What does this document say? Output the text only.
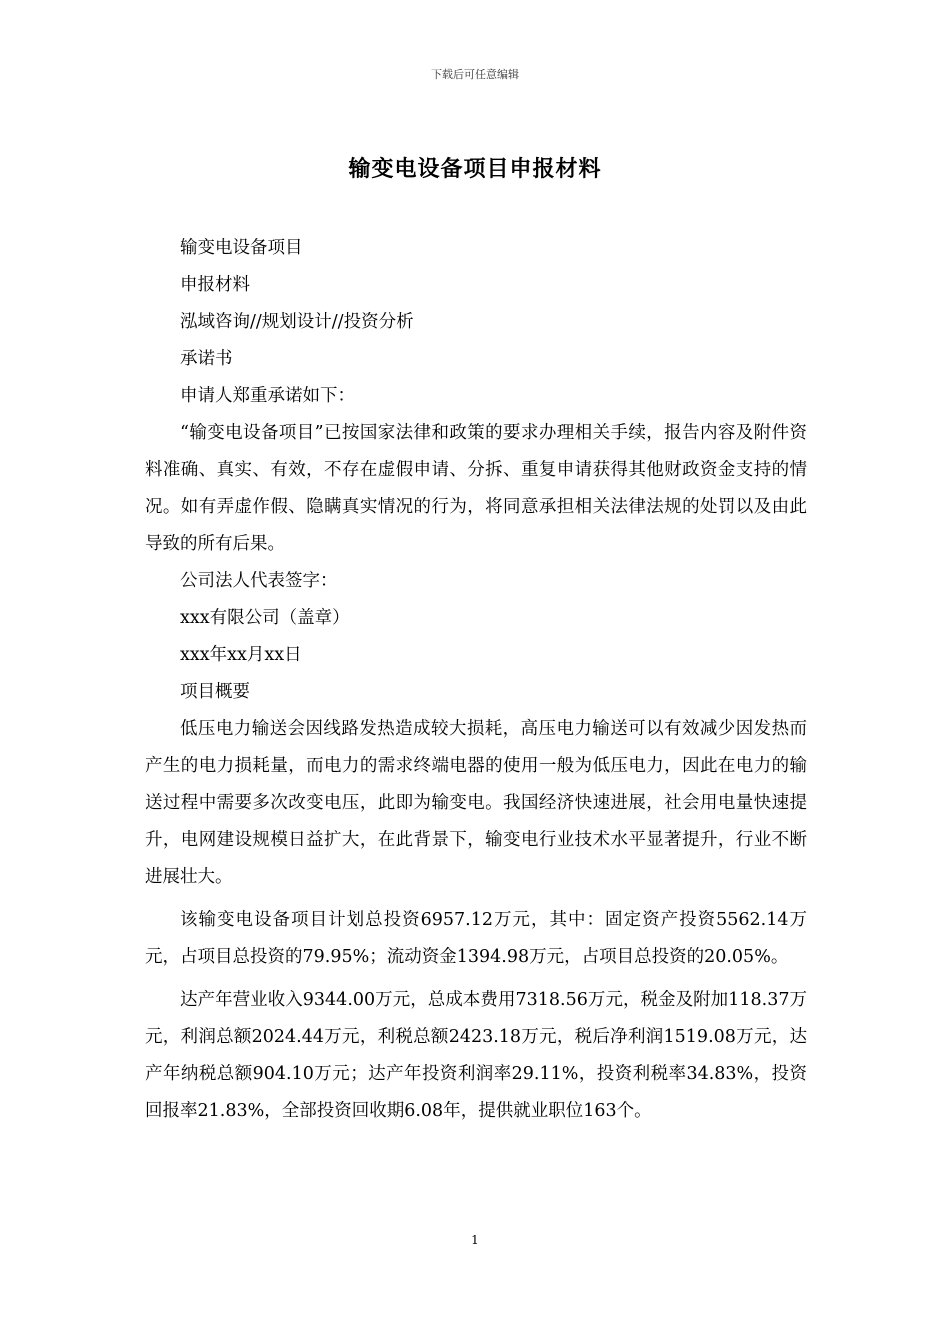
下载后可任意编辑
输变电设备项目申报材料

输变电设备项目

申报材料

泓域咨询//规划设计//投资分析

承诺书

申请人郑重承诺如下：

“输变电设备项目”已按国家法律和政策的要求办理相关手续，报告内容及附件资料准确、真实、有效，不存在虚假申请、分拆、重复申请获得其他财政资金支持的情况。如有弄虚作假、隐瞒真实情况的行为，将同意承担相关法律法规的处罚以及由此导致的所有后果。

公司法人代表签字：

xxx有限公司（盖章）

xxx年xx月xx日

项目概要

低压电力输送会因线路发热造成较大损耗，高压电力输送可以有效减少因发热而产生的电力损耗量，而电力的需求终端电器的使用一般为低压电力，因此在电力的输送过程中需要多次改变电压，此即为输变电。我国经济快速进展，社会用电量快速提升，电网建设规模日益扩大，在此背景下，输变电行业技术水平显著提升，行业不断进展壮大。

该输变电设备项目计划总投资6957.12万元，其中：固定资产投资5562.14万元，占项目总投资的79.95%；流动资金1394.98万元，占项目总投资的20.05%。

达产年营业收入9344.00万元，总成本费用7318.56万元，税金及附加118.37万元，利润总额2024.44万元，利税总额2423.18万元，税后净利润1519.08万元，达产年纳税总额904.10万元；达产年投资利润率29.11%，投资利税率34.83%，投资回报率21.83%，全部投资回收期6.08年，提供就业职位163个。

1
